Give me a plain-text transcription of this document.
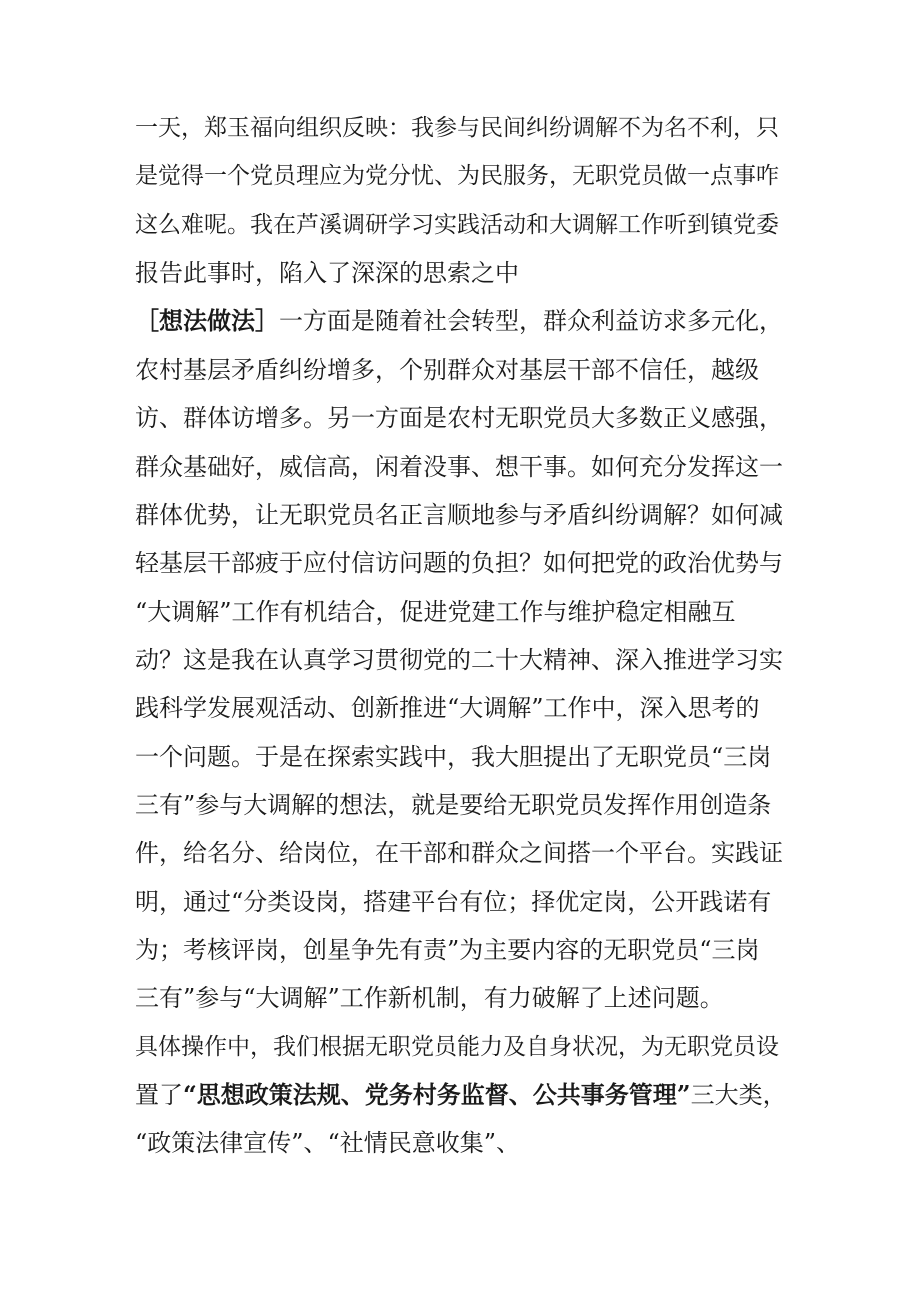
一天，郑玉福向组织反映：我参与民间纠纷调解不为名不利，只
是觉得一个党员理应为党分忧、为民服务，无职党员做一点事咋
这么难呢。我在芦溪调研学习实践活动和大调解工作听到镇党委
报告此事时，陷入了深深的思索之中
［想法做法］一方面是随着社会转型，群众利益访求多元化，
农村基层矛盾纠纷增多，个别群众对基层干部不信任，越级
访、群体访增多。另一方面是农村无职党员大多数正义感强，
群众基础好，威信高，闲着没事、想干事。如何充分发挥这一
群体优势，让无职党员名正言顺地参与矛盾纠纷调解？如何减
轻基层干部疲于应付信访问题的负担？如何把党的政治优势与
“大调解”工作有机结合，促进党建工作与维护稳定相融互
动？这是我在认真学习贯彻党的二十大精神、深入推进学习实
践科学发展观活动、创新推进“大调解”工作中，深入思考的
一个问题。于是在探索实践中，我大胆提出了无职党员“三岗
三有”参与大调解的想法，就是要给无职党员发挥作用创造条
件，给名分、给岗位，在干部和群众之间搭一个平台。实践证
明，通过“分类设岗，搭建平台有位；择优定岗，公开践诺有
为；考核评岗，创星争先有责”为主要内容的无职党员“三岗
三有”参与“大调解”工作新机制，有力破解了上述问题。
具体操作中，我们根据无职党员能力及自身状况，为无职党员设
置了“思想政策法规、党务村务监督、公共事务管理”三大类，
“政策法律宣传”、“社情民意收集”、
